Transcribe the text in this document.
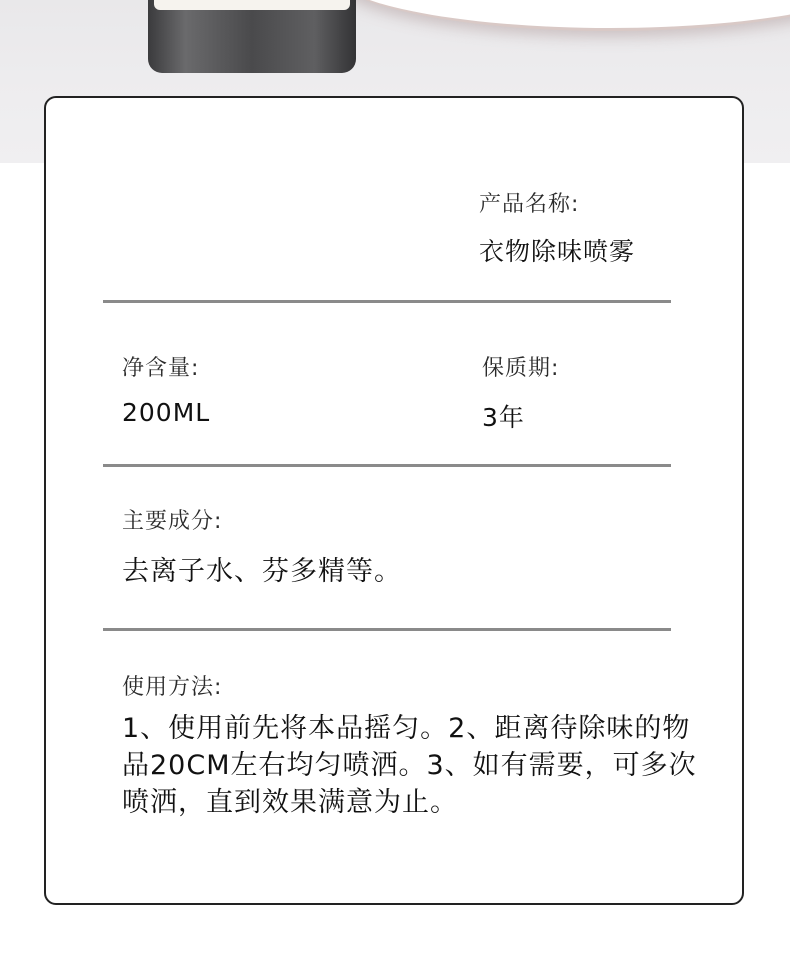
产品名称:
衣物除味喷雾
净含量:
200ML
保质期:
3年
主要成分:
去离子水、芬多精等。
使用方法:
1、使用前先将本品摇匀。2、距离待除味的物
品20CM左右均匀喷洒。3、如有需要，可多次
喷洒，直到效果满意为止。
